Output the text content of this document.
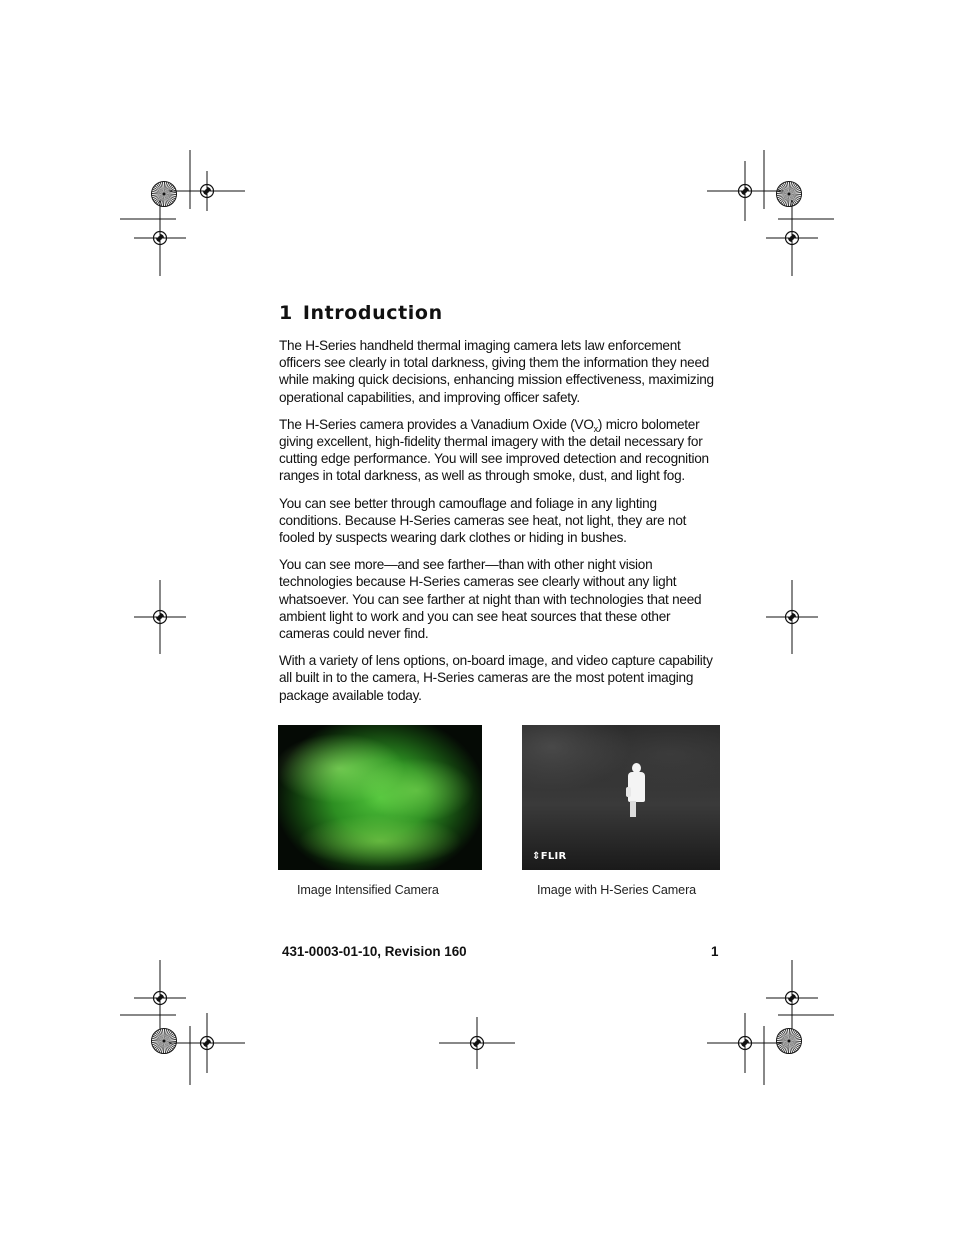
1 Introduction

The H-Series handheld thermal imaging camera lets law enforcement officers see clearly in total darkness, giving them the information they need while making quick decisions, enhancing mission effectiveness, maximizing operational capabilities, and improving officer safety.

The H-Series camera provides a Vanadium Oxide $(VO_x)$ micro bolometer giving excellent, high-fidelity thermal imagery with the detail necessary for cutting edge performance. You will see improved detection and recognition ranges in total darkness, as well as through smoke, dust, and light fog.

You can see better through camouflage and foliage in any lighting conditions. Because H-Series cameras see heat, not light, they are not fooled by suspects wearing dark clothes or hiding in bushes.

You can see more—and see farther—than with other night vision technologies because H-Series cameras see clearly without any light whatsoever. You can see farther at night than with technologies that need ambient light to work and you can see heat sources that these other cameras could never find.

With a variety of lens options, on-board image, and video capture capability all built in to the camera, H-Series cameras are the most potent imaging package available today.

⇕FLIR
Image Intensified Camera	Image with H-Series Camera
431-0003-01-10, Revision 160	1
